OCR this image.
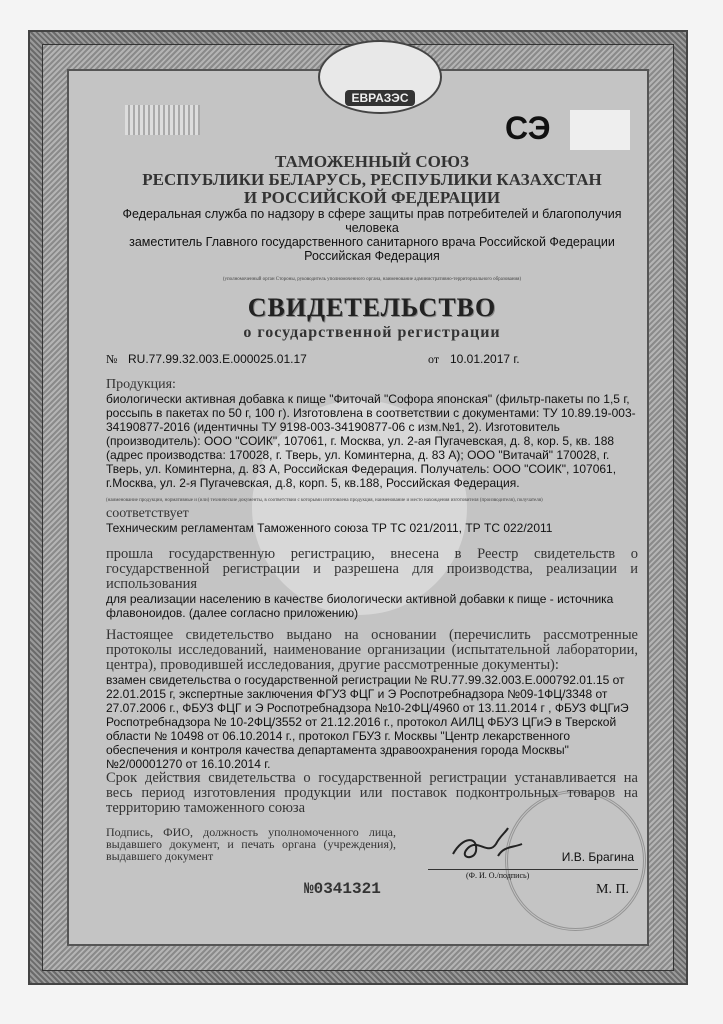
ЕВРАЗЭС
СЭ
ТАМОЖЕННЫЙ СОЮЗ
РЕСПУБЛИКИ БЕЛАРУСЬ, РЕСПУБЛИКИ КАЗАХСТАН
И РОССИЙСКОЙ ФЕДЕРАЦИИ
Федеральная служба по надзору в сфере защиты прав потребителей и благополучия человека
заместитель Главного государственного санитарного врача Российской Федерации
Российская Федерация
(уполномоченный орган Стороны, руководитель уполномоченного органа, наименование административно-территориального образования)
СВИДЕТЕЛЬСТВО
о государственной регистрации
№ RU.77.99.32.003.E.000025.01.17	от 10.01.2017 г.
Продукция:
биологически активная добавка к пище "Фиточай "Софора японская" (фильтр-пакеты по 1,5 г, россыпь в пакетах по 50 г, 100 г). Изготовлена в соответствии с документами: ТУ 10.89.19-003-34190877-2016 (идентичны ТУ 9198-003-34190877-06 с изм.№1, 2). Изготовитель (производитель): ООО "СОИК", 107061, г. Москва, ул. 2-ая Пугачевская, д. 8, кор. 5, кв. 188 (адрес производства: 170028, г. Тверь, ул. Коминтерна, д. 83 А); ООО "Витачай" 170028, г. Тверь, ул. Коминтерна, д. 83 А, Российская Федерация. Получатель: ООО "СОИК", 107061, г.Москва, ул. 2-я Пугачевская, д.8, корп. 5, кв.188, Российская Федерация.
(наименование продукции, нормативные и (или) технические документы, в соответствии с которыми изготовлена продукция, наименование и место нахождения изготовителя (производителя), получателя)
соответствует
Техническим регламентам Таможенного союза ТР ТС 021/2011, ТР ТС 022/2011
прошла государственную регистрацию, внесена в Реестр свидетельств о государственной регистрации и разрешена для производства, реализации и использования
для реализации населению в качестве биологически активной добавки к пище - источника флавоноидов. (далее согласно приложению)
Настоящее свидетельство выдано на основании (перечислить рассмотренные протоколы исследований, наименование организации (испытательной лаборатории, центра), проводившей исследования, другие рассмотренные документы):
взамен свидетельства о государственной регистрации № RU.77.99.32.003.Е.000792.01.15 от 22.01.2015 г, экспертные заключения ФГУЗ ФЦГ и Э Роспотребнадзора №09-1ФЦ/3348 от 27.07.2006 г., ФБУЗ ФЦГ и Э Роспотребнадзора №10-2ФЦ/4960 от 13.11.2014 г , ФБУЗ ФЦГиЭ Роспотребнадзора № 10-2ФЦ/3552 от 21.12.2016 г., протокол АИЛЦ ФБУЗ ЦГиЭ в Тверской области № 10498 от 06.10.2014 г., протокол ГБУЗ г. Москвы "Центр лекарственного обеспечения и контроля качества департамента здравоохранения города Москвы" №2/00001270 от 16.10.2014 г.
Срок действия свидетельства о государственной регистрации устанавливается на весь период изготовления продукции или поставок подконтрольных товаров на территорию таможенного союза
Подпись, ФИО, должность уполномоченного лица, выдавшего документ, и печать органа (учреждения), выдавшего документ	И.В. Брагина
№0341321
(Ф. И. О./подпись)
М. П.
